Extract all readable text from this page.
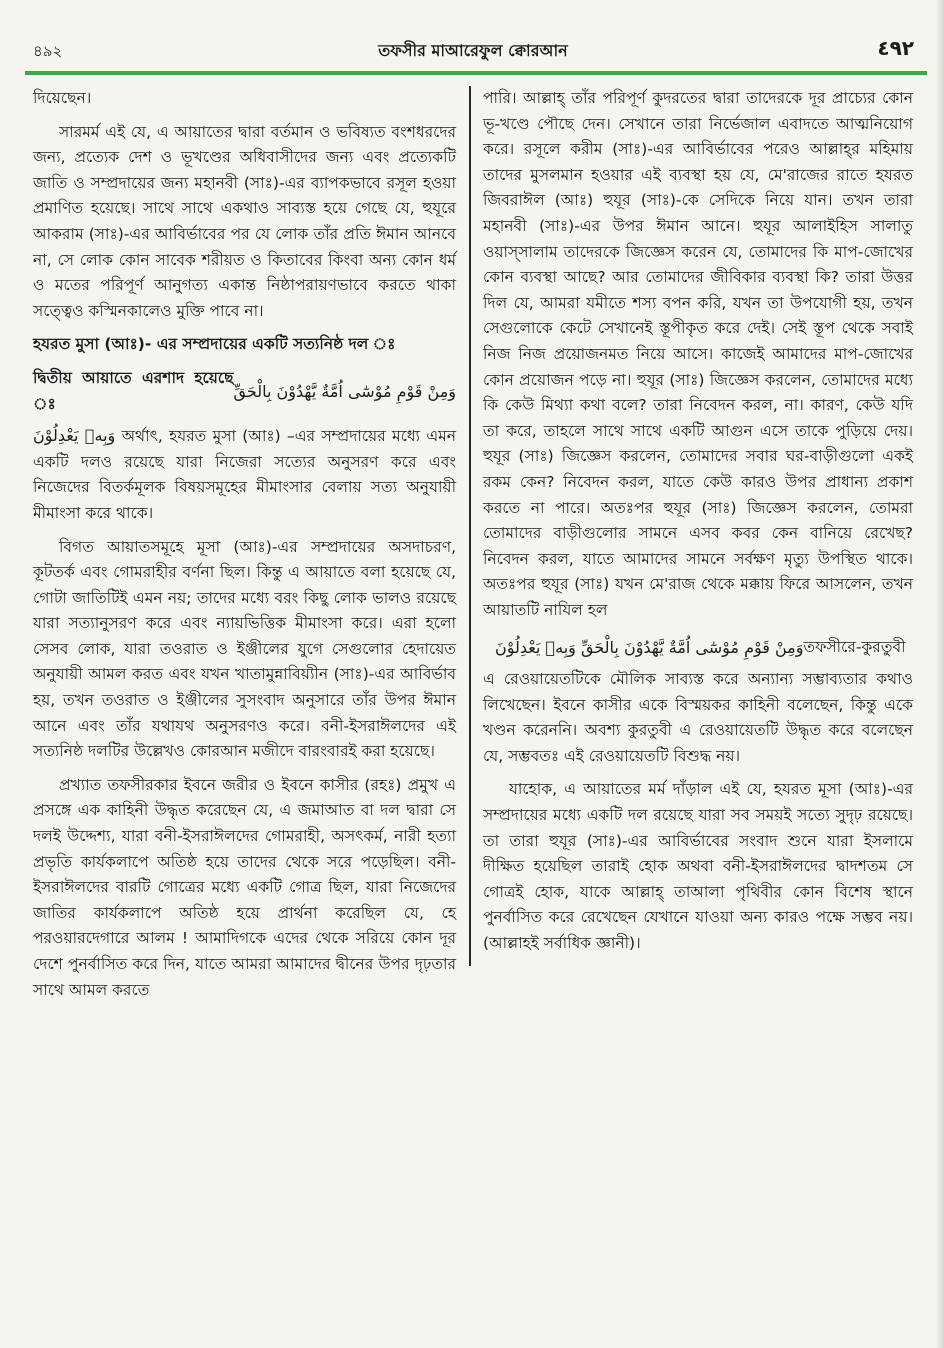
৪৯২	তফসীর মাআরেফুল ক্বোরআন	٤٩٢

দিয়েছেন।

সারমর্ম এই যে, এ আয়াতের দ্বারা বর্তমান ও ভবিষ্যত বংশধরদের জন্য, প্রত্যেক দেশ ও ভূখণ্ডের অধিবাসীদের জন্য এবং প্রত্যেকটি জাতি ও সম্প্রদায়ের জন্য মহানবী (সাঃ)-এর ব্যাপকভাবে রসূল হওয়া প্রমাণিত হয়েছে। সাথে সাথে একথাও সাব্যস্ত হয়ে গেছে যে, হুযূরে আকরাম (সাঃ)-এর আবির্ভাবের পর যে লোক তাঁর প্রতি ঈমান আনবে না, সে লোক কোন সাবেক শরীয়ত ও কিতাবের কিংবা অন্য কোন ধর্ম ও মতের পরিপূর্ণ আনুগত্য একান্ত নিষ্ঠাপরায়ণভাবে করতে থাকা সত্ত্বেও কস্মিনকালেও মুক্তি পাবে না।

হযরত মুসা (আঃ)- এর সম্প্রদায়ের একটি সত্যনিষ্ঠ দল ঃ

দ্বিতীয় আয়াতে এরশাদ হয়েছে ঃ
وَمِنْ قَوْمِ مُوْسٰٓى اُمَّةٌ يَّهْدُوْنَ بِالْحَقِّ

وَبِهٖ يَعْدِلُوْنَ অর্থাৎ, হযরত মুসা (আঃ) –এর সম্প্রদায়ের মধ্যে এমন একটি দলও রয়েছে যারা নিজেরা সত্যের অনুসরণ করে এবং নিজেদের বিতর্কমূলক বিষয়সমূহের মীমাংসার বেলায় সত্য অনুযায়ী মীমাংসা করে থাকে।

বিগত আয়াতসমূহে মূসা (আঃ)-এর সম্প্রদায়ের অসদাচরণ, কূটতর্ক এবং গোমরাহীর বর্ণনা ছিল। কিন্তু এ আয়াতে বলা হয়েছে যে, গোটা জাতিটিই এমন নয়; তাদের মধ্যে বরং কিছু লোক ভালও রয়েছে যারা সত্যানুসরণ করে এবং ন্যায়ভিত্তিক মীমাংসা করে। এরা হলো সেসব লোক, যারা তওরাত ও ইঞ্জীলের যুগে সেগুলোর হেদায়েত অনুযায়ী আমল করত এবং যখন খাতামুন্নাবিয়্যীন (সাঃ)-এর আবির্ভাব হয়, তখন তওরাত ও ইঞ্জীলের সুসংবাদ অনুসারে তাঁর উপর ঈমান আনে এবং তাঁর যথাযথ অনুসরণও করে। বনী-ইসরাঈলদের এই সত্যনিষ্ঠ দলটির উল্লেখও কোরআন মজীদে বারংবারই করা হয়েছে।

প্রখ্যাত তফসীরকার ইবনে জরীর ও ইবনে কাসীর (রহঃ) প্রমুখ এ প্রসঙ্গে এক কাহিনী উদ্ধৃত করেছেন যে, এ জমাআত বা দল দ্বারা সে দলই উদ্দেশ্য, যারা বনী-ইসরাঈলদের গোমরাহী, অসৎকর্ম, নারী হত্যা প্রভৃতি কার্যকলাপে অতিষ্ঠ হয়ে তাদের থেকে সরে পড়েছিল। বনী-ইসরাঈলদের বারটি গোত্রের মধ্যে একটি গোত্র ছিল, যারা নিজেদের জাতির কার্যকলাপে অতিষ্ঠ হয়ে প্রার্থনা করেছিল যে, হে পরওয়ারদেগারে আলম ! আমাদিগকে এদের থেকে সরিয়ে কোন দূর দেশে পুনর্বাসিত করে দিন, যাতে আমরা আমাদের দ্বীনের উপর দৃঢ়তার সাথে আমল করতে

পারি। আল্লাহ্ তাঁর পরিপূর্ণ কুদরতের দ্বারা তাদেরকে দূর প্রাচ্যের কোন ভূ-খণ্ডে পৌছে দেন। সেখানে তারা নির্ভেজাল এবাদতে আত্মনিয়োগ করে। রসূলে করীম (সাঃ)-এর আবির্ভাবের পরেও আল্লাহ্‌র মহিমায় তাদের মুসলমান হওয়ার এই ব্যবস্থা হয় যে, মে'রাজের রাতে হযরত জিবরাঈল (আঃ) হুযূর (সাঃ)-কে সেদিকে নিয়ে যান। তখন তারা মহানবী (সাঃ)-এর উপর ঈমান আনে। হুযূর আলাইহিস সালাতু ওয়াস্সালাম তাদেরকে জিজ্ঞেস করেন যে, তোমাদের কি মাপ-জোখের কোন ব্যবস্থা আছে? আর তোমাদের জীবিকার ব্যবস্থা কি? তারা উত্তর দিল যে, আমরা যমীতে শস্য বপন করি, যখন তা উপযোগী হয়, তখন সেগুলোকে কেটে সেখানেই স্তূপীকৃত করে দেই। সেই স্তূপ থেকে সবাই নিজ নিজ প্রয়োজনমত নিয়ে আসে। কাজেই আমাদের মাপ-জোখের কোন প্রয়োজন পড়ে না। হুযূর (সাঃ) জিজ্ঞেস করলেন, তোমাদের মধ্যে কি কেউ মিথ্যা কথা বলে? তারা নিবেদন করল, না। কারণ, কেউ যদি তা করে, তাহলে সাথে সাথে একটি আগুন এসে তাকে পুড়িয়ে দেয়। হুযূর (সাঃ) জিজ্ঞেস করলেন, তোমাদের সবার ঘর-বাড়ীগুলো একই রকম কেন? নিবেদন করল, যাতে কেউ কারও উপর প্রাধান্য প্রকাশ করতে না পারে। অতঃপর হুযূর (সাঃ) জিজ্ঞেস করলেন, তোমরা তোমাদের বাড়ীগুলোর সামনে এসব কবর কেন বানিয়ে রেখেছ? নিবেদন করল, যাতে আমাদের সামনে সর্বক্ষণ মৃত্যু উপস্থিত থাকে। অতঃপর হুযূর (সাঃ) যখন মে'রাজ থেকে মক্কায় ফিরে আসলেন, তখন আয়াতটি নাযিল হল

وَمِنْ قَوْمِ مُوْسٰٓى اُمَّةٌ يَّهْدُوْنَ بِالْحَقِّ وَبِهٖ يَعْدِلُوْنَ তফসীরে-কুরতুবী

এ রেওয়ায়েতটিকে মৌলিক সাব্যস্ত করে অন্যান্য সম্ভাব্যতার কথাও লিখেছেন। ইবনে কাসীর একে বিস্ময়কর কাহিনী বলেছেন, কিন্তু একে খণ্ডন করেননি। অবশ্য কুরতুবী এ রেওয়ায়েতটি উদ্ধৃত করে বলেছেন যে, সম্ভবতঃ এই রেওয়ায়েতটি বিশুদ্ধ নয়।

যাহোক, এ আয়াতের মর্ম দাঁড়াল এই যে, হযরত মূসা (আঃ)-এর সম্প্রদায়ের মধ্যে একটি দল রয়েছে যারা সব সময়ই সত্যে সুদৃঢ় রয়েছে। তা তারা হুযূর (সাঃ)-এর আবির্ভাবের সংবাদ শুনে যারা ইসলামে দীক্ষিত হয়েছিল তারাই হোক অথবা বনী-ইসরাঈলদের দ্বাদশতম সে গোত্রই হোক, যাকে আল্লাহ্ তাআলা পৃথিবীর কোন বিশেষ স্থানে পুনর্বাসিত করে রেখেছেন যেখানে যাওয়া অন্য কারও পক্ষে সম্ভব নয়। (আল্লাহই সর্বাধিক জ্ঞানী)।
